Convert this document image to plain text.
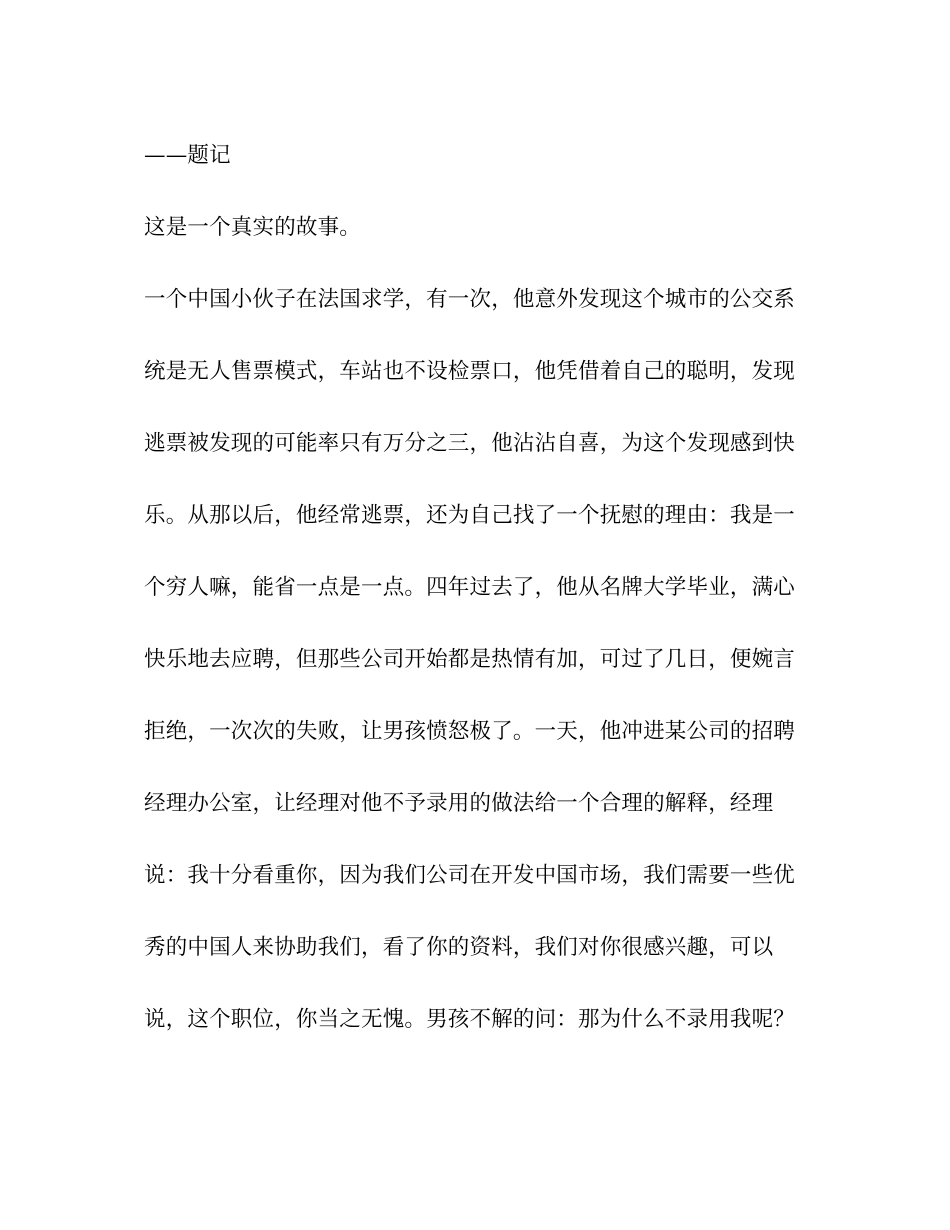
——题记
这是一个真实的故事。
一个中国小伙子在法国求学，有一次，他意外发现这个城市的公交系
统是无人售票模式，车站也不设检票口，他凭借着自己的聪明，发现
逃票被发现的可能率只有万分之三，他沾沾自喜，为这个发现感到快
乐。从那以后，他经常逃票，还为自己找了一个抚慰的理由：我是一
个穷人嘛，能省一点是一点。四年过去了，他从名牌大学毕业，满心
快乐地去应聘，但那些公司开始都是热情有加，可过了几日，便婉言
拒绝，一次次的失败，让男孩愤怒极了。一天，他冲进某公司的招聘
经理办公室，让经理对他不予录用的做法给一个合理的解释，经理
说：我十分看重你，因为我们公司在开发中国市场，我们需要一些优
秀的中国人来协助我们，看了你的资料，我们对你很感兴趣，可以
说，这个职位，你当之无愧。男孩不解的问：那为什么不录用我呢？
